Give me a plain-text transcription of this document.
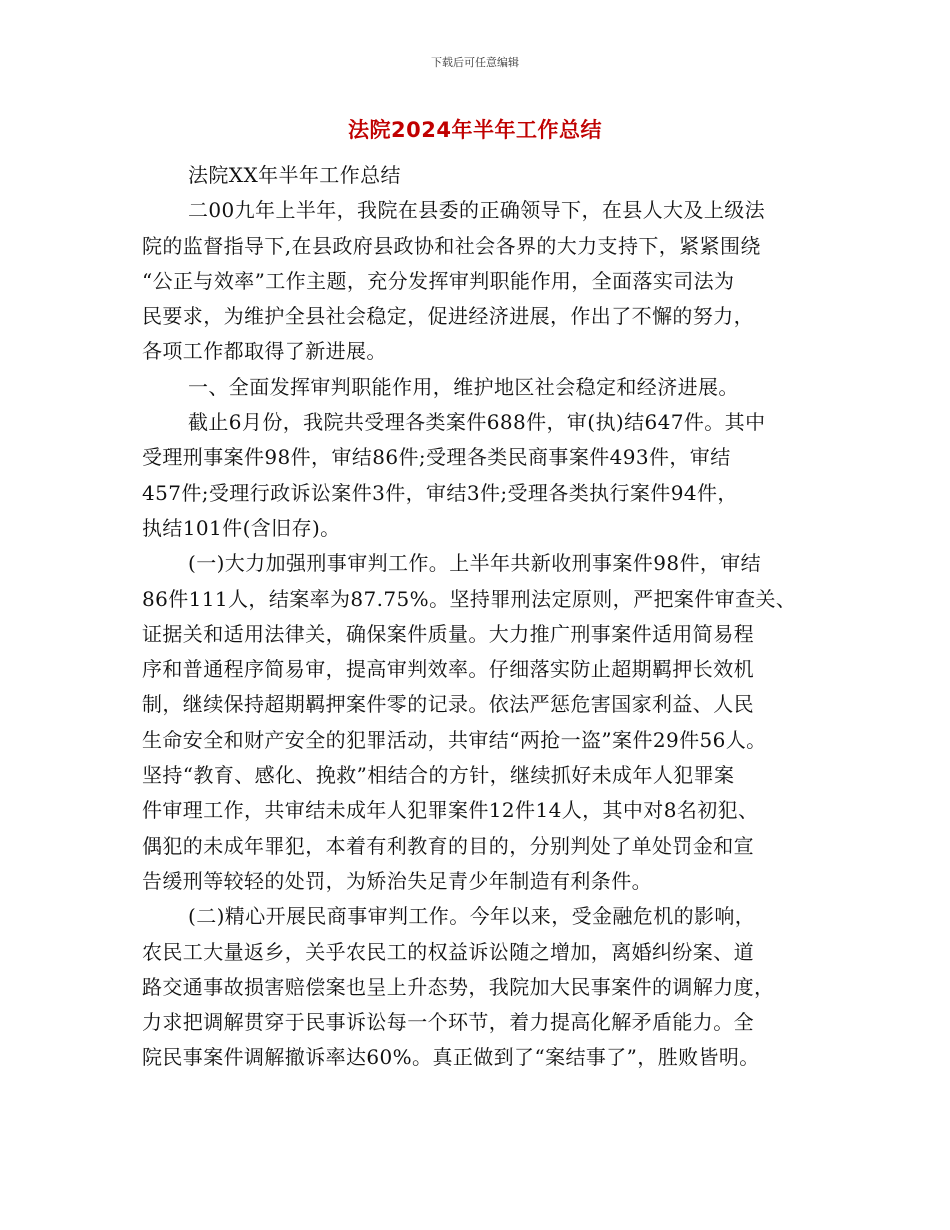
下载后可任意编辑
法院2024年半年工作总结
法院XX年半年工作总结
二00九年上半年，我院在县委的正确领导下，在县人大及上级法
院的监督指导下,在县政府县政协和社会各界的大力支持下，紧紧围绕
“公正与效率”工作主题，充分发挥审判职能作用，全面落实司法为
民要求，为维护全县社会稳定，促进经济进展，作出了不懈的努力，
各项工作都取得了新进展。
一、全面发挥审判职能作用，维护地区社会稳定和经济进展。
截止6月份，我院共受理各类案件688件，审(执)结647件。其中
受理刑事案件98件，审结86件;受理各类民商事案件493件，审结
457件;受理行政诉讼案件3件，审结3件;受理各类执行案件94件，
执结101件(含旧存)。
(一)大力加强刑事审判工作。上半年共新收刑事案件98件，审结
86件111人，结案率为87.75%。坚持罪刑法定原则，严把案件审查关、
证据关和适用法律关，确保案件质量。大力推广刑事案件适用简易程
序和普通程序简易审，提高审判效率。仔细落实防止超期羁押长效机
制，继续保持超期羁押案件零的记录。依法严惩危害国家利益、人民
生命安全和财产安全的犯罪活动，共审结“两抢一盗”案件29件56人。
坚持“教育、感化、挽救”相结合的方针，继续抓好未成年人犯罪案
件审理工作，共审结未成年人犯罪案件12件14人，其中对8名初犯、
偶犯的未成年罪犯，本着有利教育的目的，分别判处了单处罚金和宣
告缓刑等较轻的处罚，为矫治失足青少年制造有利条件。
(二)精心开展民商事审判工作。今年以来，受金融危机的影响，
农民工大量返乡，关乎农民工的权益诉讼随之增加，离婚纠纷案、道
路交通事故损害赔偿案也呈上升态势，我院加大民事案件的调解力度，
力求把调解贯穿于民事诉讼每一个环节，着力提高化解矛盾能力。全
院民事案件调解撤诉率达60%。真正做到了“案结事了”，胜败皆明。
